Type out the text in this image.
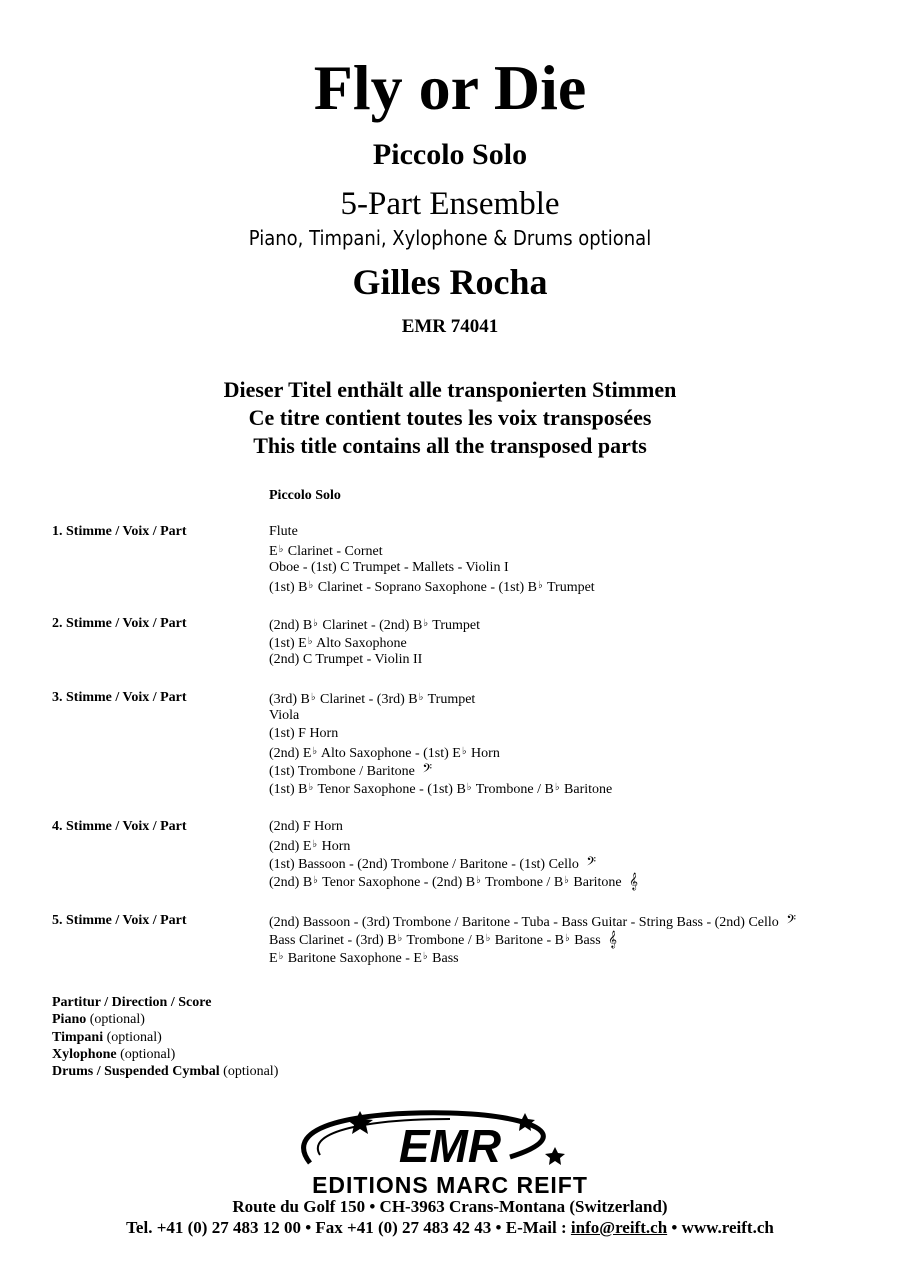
Fly or Die
Piccolo Solo
5-Part Ensemble
Piano, Timpani, Xylophone & Drums optional
Gilles Rocha
EMR 74041
Dieser Titel enthält alle transponierten Stimmen
Ce titre contient toutes les voix transposées
This title contains all the transposed parts
Piccolo Solo
1. Stimme / Voix / Part	Flute
E♭ Clarinet - Cornet
Oboe - (1st) C Trumpet - Mallets - Violin I
(1st) B♭ Clarinet - Soprano Saxophone - (1st) B♭ Trumpet
2. Stimme / Voix / Part	(2nd) B♭ Clarinet - (2nd) B♭ Trumpet
(1st) E♭ Alto Saxophone
(2nd) C Trumpet - Violin II
3. Stimme / Voix / Part	(3rd) B♭ Clarinet - (3rd) B♭ Trumpet
Viola
(1st) F Horn
(2nd) E♭ Alto Saxophone - (1st) E♭ Horn
(1st) Trombone / Baritone 𝄢
(1st) B♭ Tenor Saxophone - (1st) B♭ Trombone / B♭ Baritone
4. Stimme / Voix / Part	(2nd) F Horn
(2nd) E♭ Horn
(1st) Bassoon - (2nd) Trombone / Baritone - (1st) Cello 𝄢
(2nd) B♭ Tenor Saxophone - (2nd) B♭ Trombone / B♭ Baritone 𝄞
5. Stimme / Voix / Part	(2nd) Bassoon - (3rd) Trombone / Baritone - Tuba - Bass Guitar - String Bass - (2nd) Cello 𝄢
Bass Clarinet - (3rd) B♭ Trombone / B♭ Baritone - B♭ Bass 𝄞
E♭ Baritone Saxophone - E♭ Bass
Partitur / Direction / Score
Piano (optional)
Timpani (optional)
Xylophone (optional)
Drums / Suspended Cymbal (optional)
EMR
EDITIONS MARC REIFT
Route du Golf 150 • CH-3963 Crans-Montana (Switzerland)
Tel. +41 (0) 27 483 12 00 • Fax +41 (0) 27 483 42 43 • E-Mail : info@reift.ch • www.reift.ch
